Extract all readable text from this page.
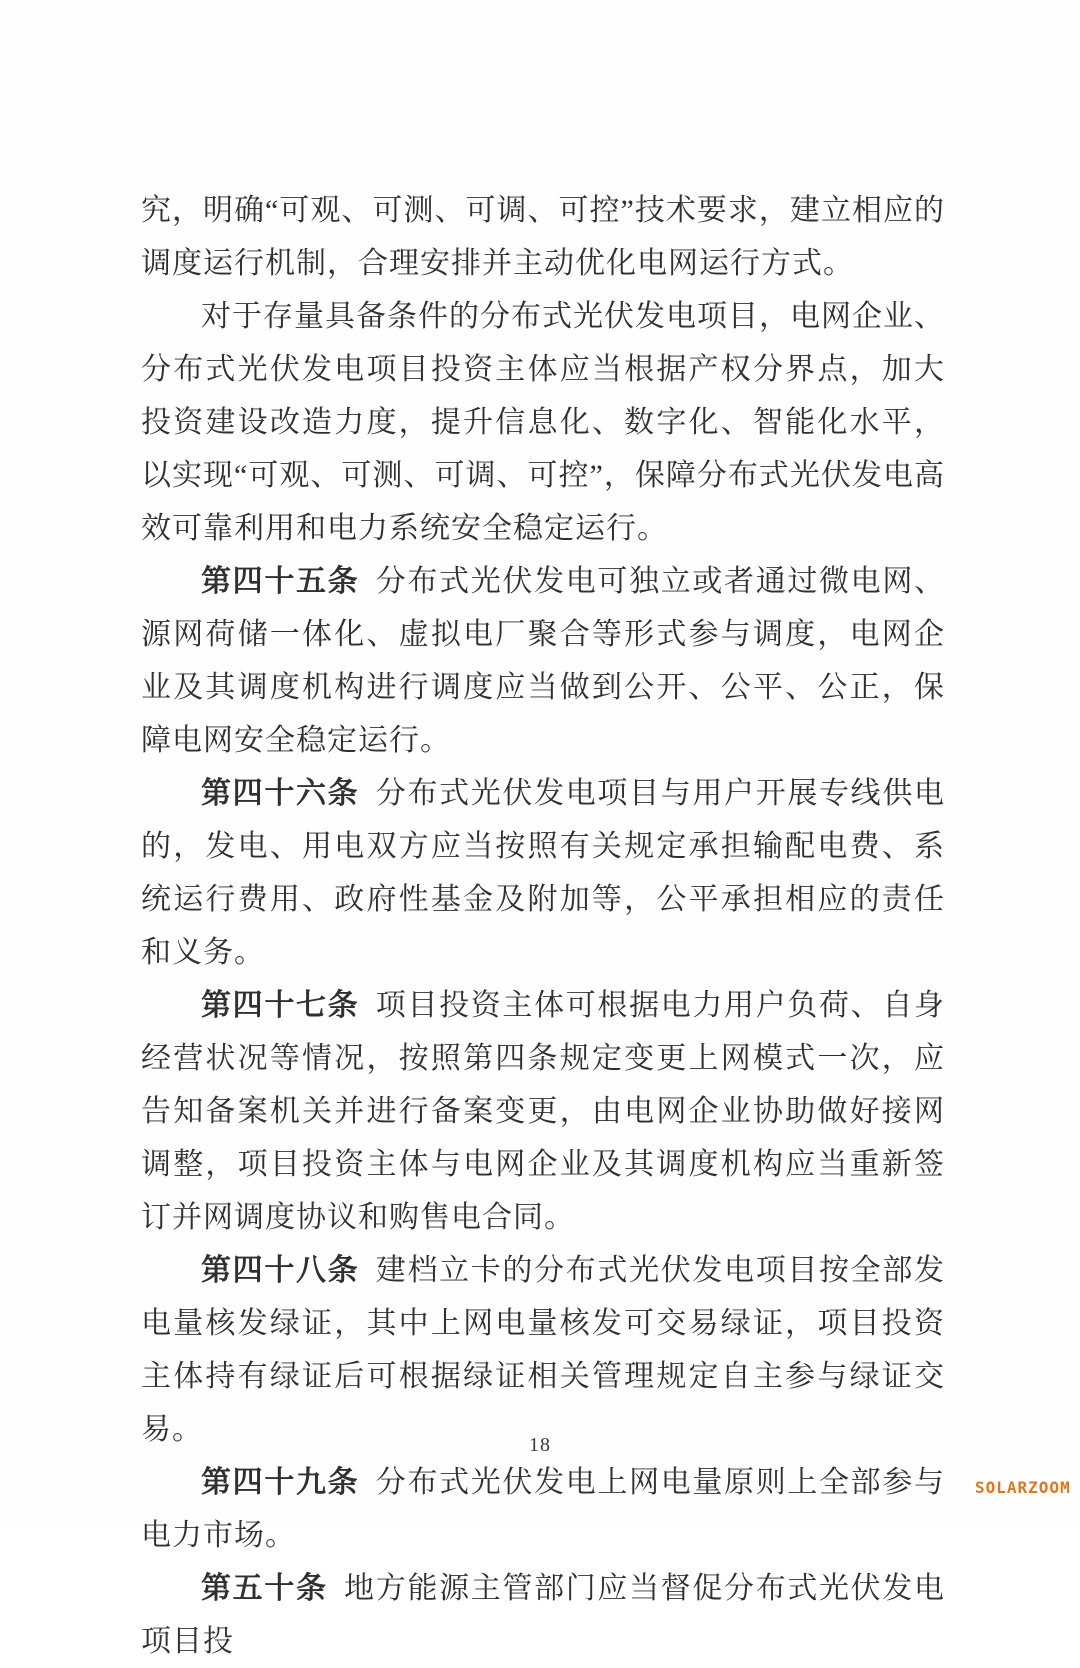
究，明确“可观、可测、可调、可控”技术要求，建立相应的调度运行机制，合理安排并主动优化电网运行方式。
对于存量具备条件的分布式光伏发电项目，电网企业、分布式光伏发电项目投资主体应当根据产权分界点，加大投资建设改造力度，提升信息化、数字化、智能化水平，以实现“可观、可测、可调、可控”，保障分布式光伏发电高效可靠利用和电力系统安全稳定运行。
第四十五条 分布式光伏发电可独立或者通过微电网、源网荷储一体化、虚拟电厂聚合等形式参与调度，电网企业及其调度机构进行调度应当做到公开、公平、公正，保障电网安全稳定运行。
第四十六条 分布式光伏发电项目与用户开展专线供电的，发电、用电双方应当按照有关规定承担输配电费、系统运行费用、政府性基金及附加等，公平承担相应的责任和义务。
第四十七条 项目投资主体可根据电力用户负荷、自身经营状况等情况，按照第四条规定变更上网模式一次，应告知备案机关并进行备案变更，由电网企业协助做好接网调整，项目投资主体与电网企业及其调度机构应当重新签订并网调度协议和购售电合同。
第四十八条 建档立卡的分布式光伏发电项目按全部发电量核发绿证，其中上网电量核发可交易绿证，项目投资主体持有绿证后可根据绿证相关管理规定自主参与绿证交易。
第四十九条 分布式光伏发电上网电量原则上全部参与电力市场。
第五十条 地方能源主管部门应当督促分布式光伏发电项目投
18
SOLARZOOM
